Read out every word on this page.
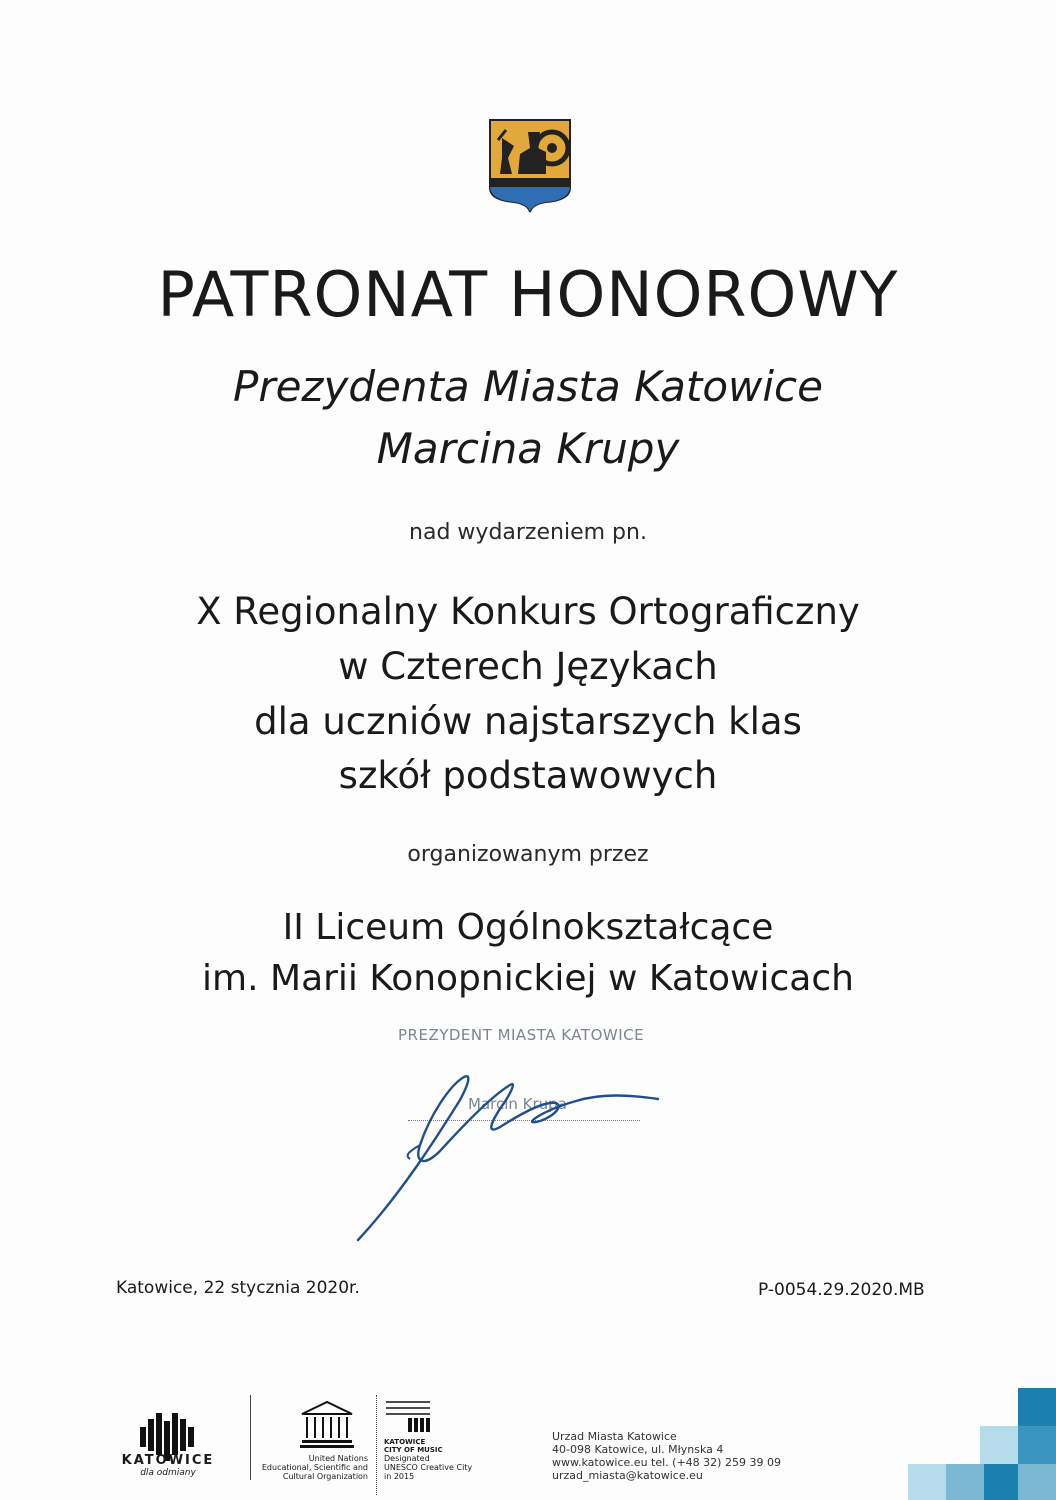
PATRONAT HONOROWY
Prezydenta Miasta Katowice
Marcina Krupy
nad wydarzeniem pn.
X Regionalny Konkurs Ortograficzny
w Czterech Językach
dla uczniów najstarszych klas
szkół podstawowych
organizowanym przez
II Liceum Ogólnokształcące
im. Marii Konopnickiej w Katowicach
PREZYDENT MIASTA KATOWICE
Marcin Krupa
Katowice, 22 stycznia 2020r.	P-0054.29.2020.MB
KATOWICE
dla odmiany
United Nations
Educational, Scientific and
Cultural Organization
KATOWICE
CITY OF MUSIC
Designated
UNESCO Creative City
in 2015
Urzad Miasta Katowice
40-098 Katowice, ul. Młynska 4
www.katowice.eu tel. (+48 32) 259 39 09
urzad_miasta@katowice.eu
